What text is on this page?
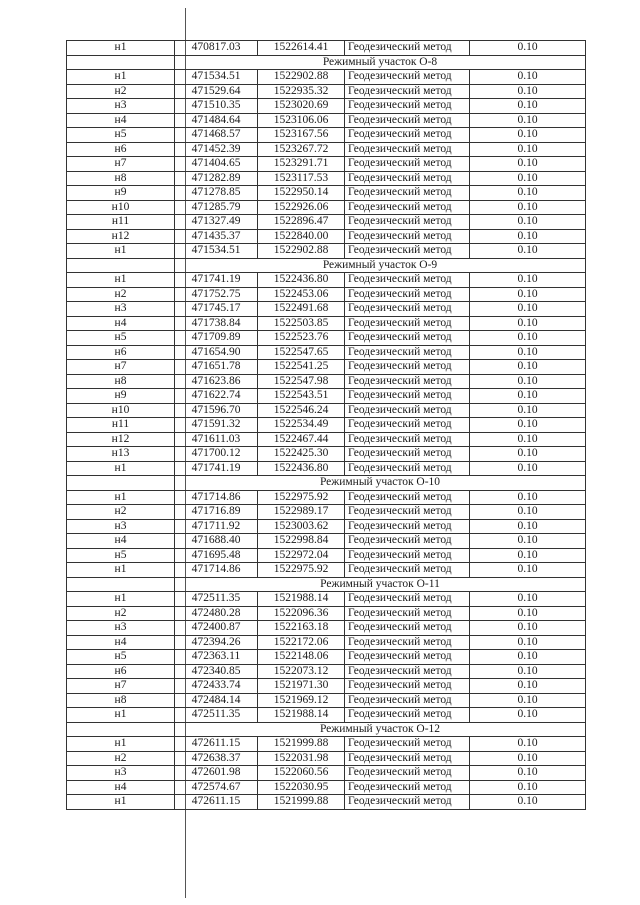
н1	470817.03	1522614.41	Геодезический метод	0.10
	Режимный участок О-8			
н1	471534.51	1522902.88	Геодезический метод	0.10
н2	471529.64	1522935.32	Геодезический метод	0.10
н3	471510.35	1523020.69	Геодезический метод	0.10
н4	471484.64	1523106.06	Геодезический метод	0.10
н5	471468.57	1523167.56	Геодезический метод	0.10
н6	471452.39	1523267.72	Геодезический метод	0.10
н7	471404.65	1523291.71	Геодезический метод	0.10
н8	471282.89	1523117.53	Геодезический метод	0.10
н9	471278.85	1522950.14	Геодезический метод	0.10
н10	471285.79	1522926.06	Геодезический метод	0.10
н11	471327.49	1522896.47	Геодезический метод	0.10
н12	471435.37	1522840.00	Геодезический метод	0.10
н1	471534.51	1522902.88	Геодезический метод	0.10
	Режимный участок О-9			
н1	471741.19	1522436.80	Геодезический метод	0.10
н2	471752.75	1522453.06	Геодезический метод	0.10
н3	471745.17	1522491.68	Геодезический метод	0.10
н4	471738.84	1522503.85	Геодезический метод	0.10
н5	471709.89	1522523.76	Геодезический метод	0.10
н6	471654.90	1522547.65	Геодезический метод	0.10
н7	471651.78	1522541.25	Геодезический метод	0.10
н8	471623.86	1522547.98	Геодезический метод	0.10
н9	471622.74	1522543.51	Геодезический метод	0.10
н10	471596.70	1522546.24	Геодезический метод	0.10
н11	471591.32	1522534.49	Геодезический метод	0.10
н12	471611.03	1522467.44	Геодезический метод	0.10
н13	471700.12	1522425.30	Геодезический метод	0.10
н1	471741.19	1522436.80	Геодезический метод	0.10
	Режимный участок О-10			
н1	471714.86	1522975.92	Геодезический метод	0.10
н2	471716.89	1522989.17	Геодезический метод	0.10
н3	471711.92	1523003.62	Геодезический метод	0.10
н4	471688.40	1522998.84	Геодезический метод	0.10
н5	471695.48	1522972.04	Геодезический метод	0.10
н1	471714.86	1522975.92	Геодезический метод	0.10
	Режимный участок О-11			
н1	472511.35	1521988.14	Геодезический метод	0.10
н2	472480.28	1522096.36	Геодезический метод	0.10
н3	472400.87	1522163.18	Геодезический метод	0.10
н4	472394.26	1522172.06	Геодезический метод	0.10
н5	472363.11	1522148.06	Геодезический метод	0.10
н6	472340.85	1522073.12	Геодезический метод	0.10
н7	472433.74	1521971.30	Геодезический метод	0.10
н8	472484.14	1521969.12	Геодезический метод	0.10
н1	472511.35	1521988.14	Геодезический метод	0.10
	Режимный участок О-12			
н1	472611.15	1521999.88	Геодезический метод	0.10
н2	472638.37	1522031.98	Геодезический метод	0.10
н3	472601.98	1522060.56	Геодезический метод	0.10
н4	472574.67	1522030.95	Геодезический метод	0.10
н1	472611.15	1521999.88	Геодезический метод	0.10
